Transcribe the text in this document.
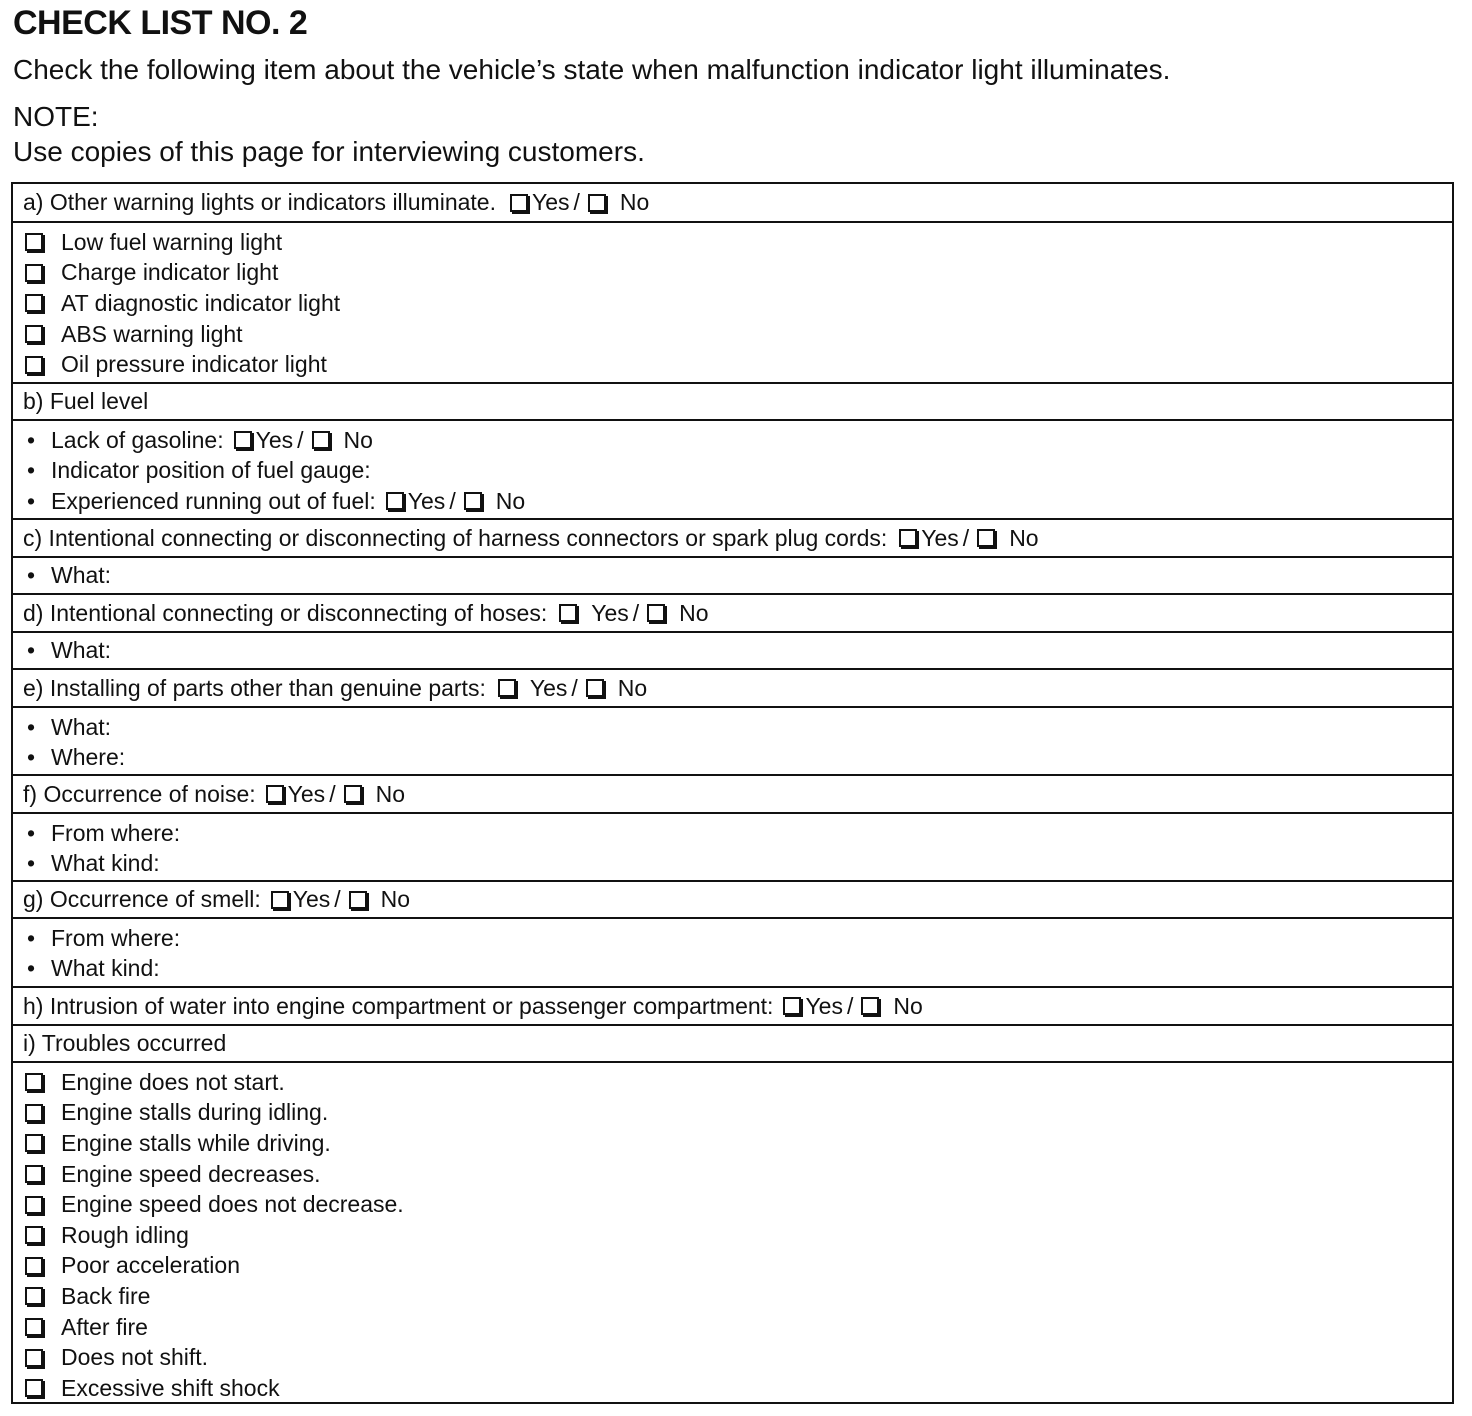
CHECK LIST NO. 2
Check the following item about the vehicle’s state when malfunction indicator light illuminates.
NOTE:
Use copies of this page for interviewing customers.
a) Other warning lights or indicators illuminate. Yes / No
Low fuel warning light
Charge indicator light
AT diagnostic indicator light
ABS warning light
Oil pressure indicator light
b) Fuel level
• Lack of gasoline: Yes / No
• Indicator position of fuel gauge:
• Experienced running out of fuel: Yes / No
c) Intentional connecting or disconnecting of harness connectors or spark plug cords: Yes / No
• What:
d) Intentional connecting or disconnecting of hoses: Yes / No
• What:
e) Installing of parts other than genuine parts: Yes / No
• What:
• Where:
f) Occurrence of noise: Yes / No
• From where:
• What kind:
g) Occurrence of smell: Yes / No
• From where:
• What kind:
h) Intrusion of water into engine compartment or passenger compartment: Yes / No
i) Troubles occurred
Engine does not start.
Engine stalls during idling.
Engine stalls while driving.
Engine speed decreases.
Engine speed does not decrease.
Rough idling
Poor acceleration
Back fire
After fire
Does not shift.
Excessive shift shock
